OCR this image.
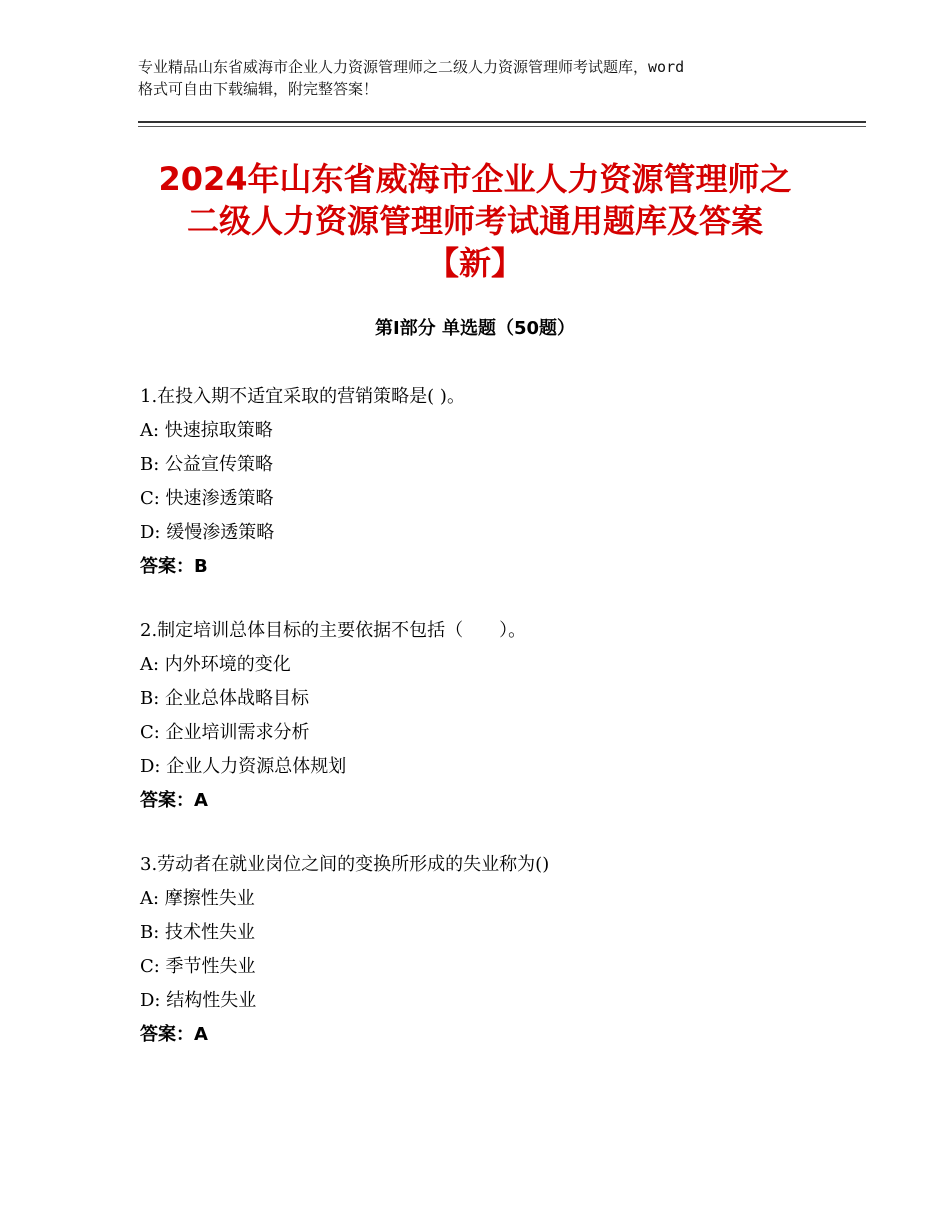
专业精品山东省威海市企业人力资源管理师之二级人力资源管理师考试题库，word
格式可自由下载编辑，附完整答案！
2024年山东省威海市企业人力资源管理师之
二级人力资源管理师考试通用题库及答案
【新】
第Ⅰ部分 单选题（50题）
1.在投入期不适宜采取的营销策略是( )。
A: 快速掠取策略
B: 公益宣传策略
C: 快速渗透策略
D: 缓慢渗透策略
答案：B
2.制定培训总体目标的主要依据不包括（　　）。
A: 内外环境的变化
B: 企业总体战略目标
C: 企业培训需求分析
D: 企业人力资源总体规划
答案：A
3.劳动者在就业岗位之间的变换所形成的失业称为()
A: 摩擦性失业
B: 技术性失业
C: 季节性失业
D: 结构性失业
答案：A
